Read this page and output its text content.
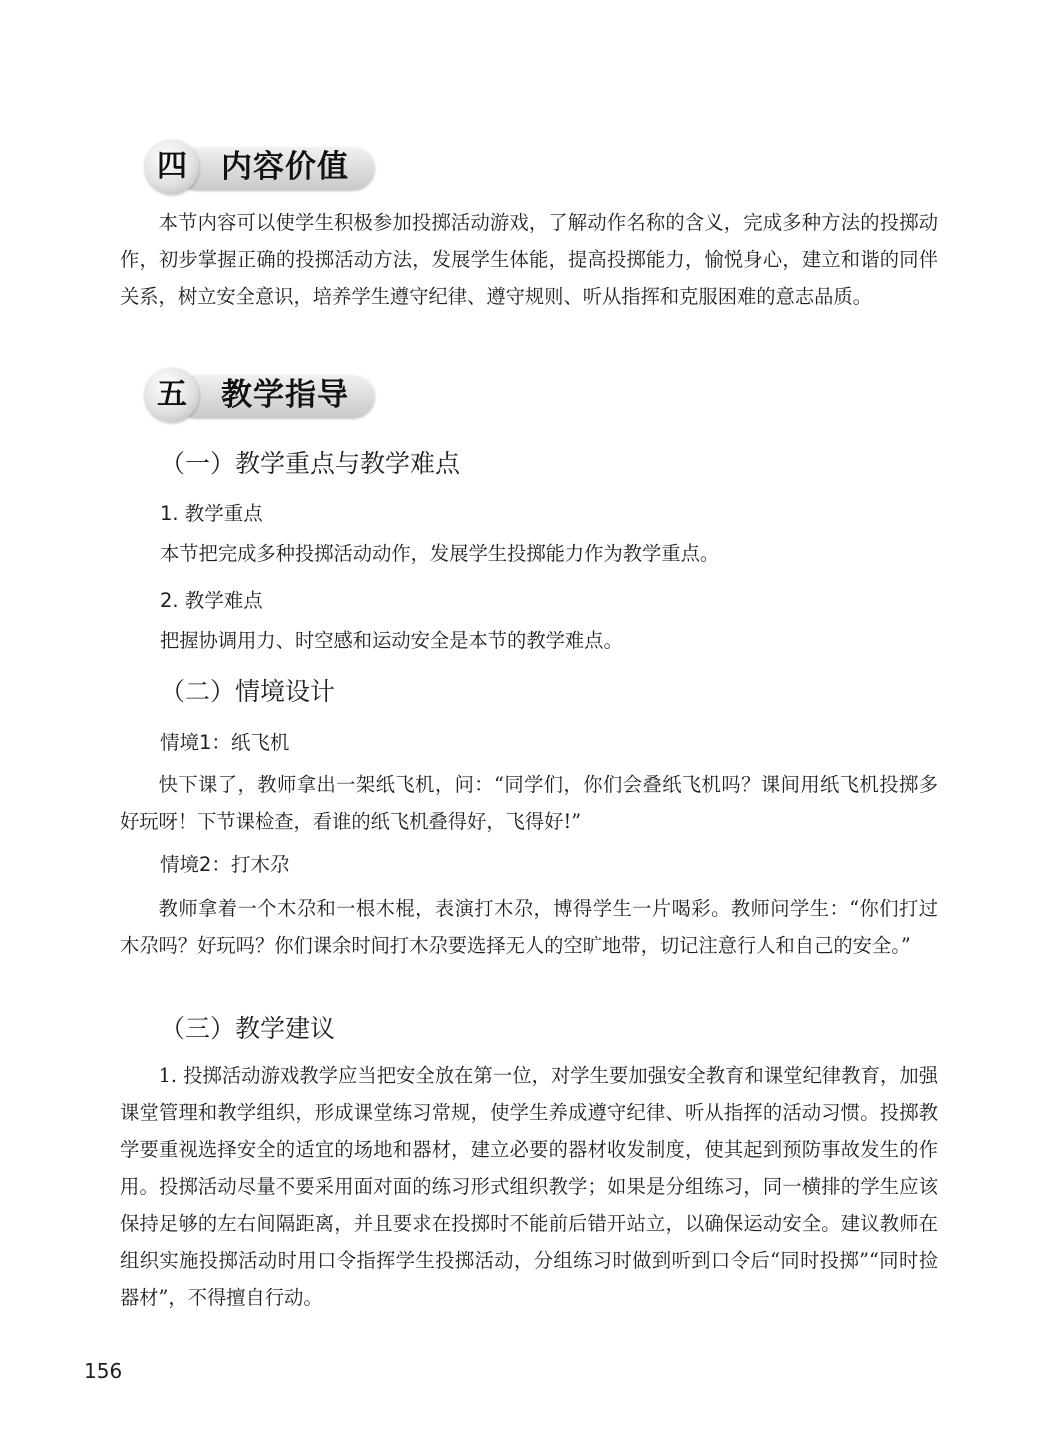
四	内容价值

本节内容可以使学生积极参加投掷活动游戏，了解动作名称的含义，完成多种方法的投掷动作，初步掌握正确的投掷活动方法，发展学生体能，提高投掷能力，愉悦身心，建立和谐的同伴关系，树立安全意识，培养学生遵守纪律、遵守规则、听从指挥和克服困难的意志品质。

五	教学指导
（一）教学重点与教学难点
1. 教学重点
本节把完成多种投掷活动动作，发展学生投掷能力作为教学重点。
2. 教学难点
把握协调用力、时空感和运动安全是本节的教学难点。
（二）情境设计
情境1：纸飞机

快下课了，教师拿出一架纸飞机，问：“同学们，你们会叠纸飞机吗？课间用纸飞机投掷多好玩呀！下节课检查，看谁的纸飞机叠得好，飞得好!”

情境2：打木尕

教师拿着一个木尕和一根木棍，表演打木尕，博得学生一片喝彩。教师问学生：“你们打过木尕吗？好玩吗？你们课余时间打木尕要选择无人的空旷地带，切记注意行人和自己的安全。”

（三）教学建议

1. 投掷活动游戏教学应当把安全放在第一位，对学生要加强安全教育和课堂纪律教育，加强课堂管理和教学组织，形成课堂练习常规，使学生养成遵守纪律、听从指挥的活动习惯。投掷教学要重视选择安全的适宜的场地和器材，建立必要的器材收发制度，使其起到预防事故发生的作用。投掷活动尽量不要采用面对面的练习形式组织教学；如果是分组练习，同一横排的学生应该保持足够的左右间隔距离，并且要求在投掷时不能前后错开站立，以确保运动安全。建议教师在组织实施投掷活动时用口令指挥学生投掷活动，分组练习时做到听到口令后“同时投掷”“同时捡器材”，不得擅自行动。

156
